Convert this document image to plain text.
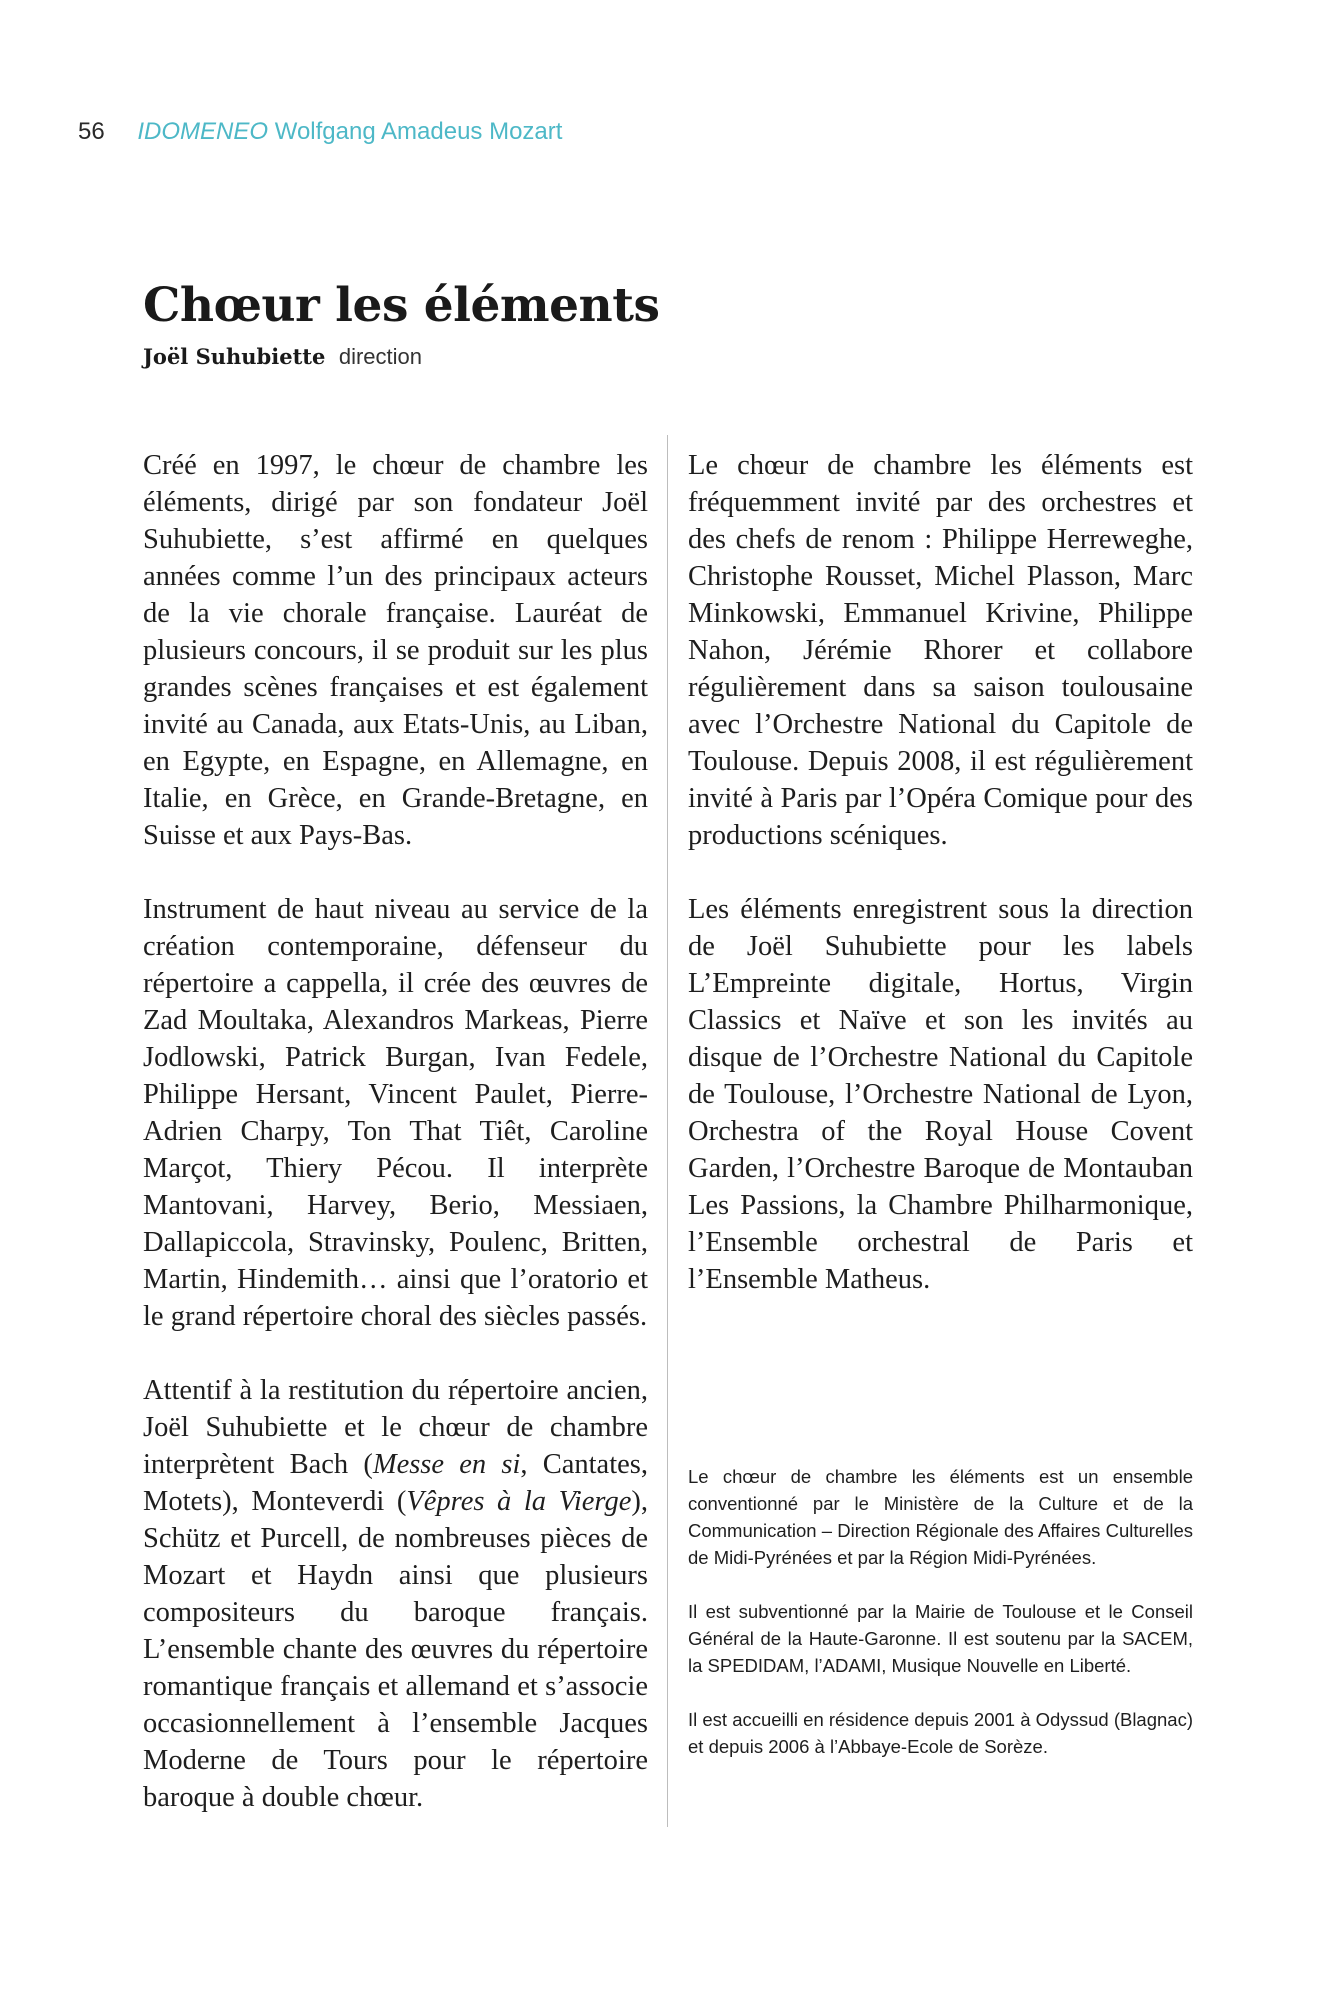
56 IDOMENEO Wolfgang Amadeus Mozart
Chœur les éléments
Joël Suhubiette direction

Créé en 1997, le chœur de chambre les éléments, dirigé par son fondateur Joël Suhubiette, s’est affirmé en quelques années comme l’un des principaux acteurs de la vie chorale française. Lauréat de plusieurs concours, il se produit sur les plus grandes scènes françaises et est également invité au Canada, aux Etats-Unis, au Liban, en Egypte, en Espagne, en Allemagne, en Italie, en Grèce, en Grande-Bretagne, en Suisse et aux Pays-Bas.

Instrument de haut niveau au service de la création contemporaine, défenseur du répertoire a cappella, il crée des œuvres de Zad Moultaka, Alexandros Markeas, Pierre Jodlowski, Patrick Burgan, Ivan Fedele, Philippe Hersant, Vincent Paulet, Pierre-Adrien Charpy, Ton That Tiêt, Caroline Marçot, Thiery Pécou. Il interprète Mantovani, Harvey, Berio, Messiaen, Dallapiccola, Stravinsky, Poulenc, Britten, Martin, Hindemith… ainsi que l’oratorio et le grand répertoire choral des siècles passés.

Attentif à la restitution du répertoire ancien, Joël Suhubiette et le chœur de chambre interprètent Bach (Messe en si, Cantates, Motets), Monteverdi (Vêpres à la Vierge), Schütz et Purcell, de nombreuses pièces de Mozart et Haydn ainsi que plusieurs compositeurs du baroque français. L’ensemble chante des œuvres du répertoire romantique français et allemand et s’associe occasionnellement à l’ensemble Jacques Moderne de Tours pour le répertoire baroque à double chœur.

Le chœur de chambre les éléments est fréquemment invité par des orchestres et des chefs de renom : Philippe Herreweghe, Christophe Rousset, Michel Plasson, Marc Minkowski, Emmanuel Krivine, Philippe Nahon, Jérémie Rhorer et collabore régulièrement dans sa saison toulousaine avec l’Orchestre National du Capitole de Toulouse. Depuis 2008, il est régulièrement invité à Paris par l’Opéra Comique pour des productions scéniques.

Les éléments enregistrent sous la direction de Joël Suhubiette pour les labels L’Empreinte digitale, Hortus, Virgin Classics et Naïve et son les invités au disque de l’Orchestre National du Capitole de Toulouse, l’Orchestre National de Lyon, Orchestra of the Royal House Covent Garden, l’Orchestre Baroque de Montauban Les Passions, la Chambre Philharmonique, l’Ensemble orchestral de Paris et l’Ensemble Matheus.

Le chœur de chambre les éléments est un ensemble conventionné par le Ministère de la Culture et de la Communication – Direction Régionale des Affaires Culturelles de Midi-Pyrénées et par la Région Midi-Pyrénées.

Il est subventionné par la Mairie de Toulouse et le Conseil Général de la Haute-Garonne. Il est soutenu par la SACEM, la SPEDIDAM, l’ADAMI, Musique Nouvelle en Liberté.

Il est accueilli en résidence depuis 2001 à Odyssud (Blagnac) et depuis 2006 à l’Abbaye-Ecole de Sorèze.
